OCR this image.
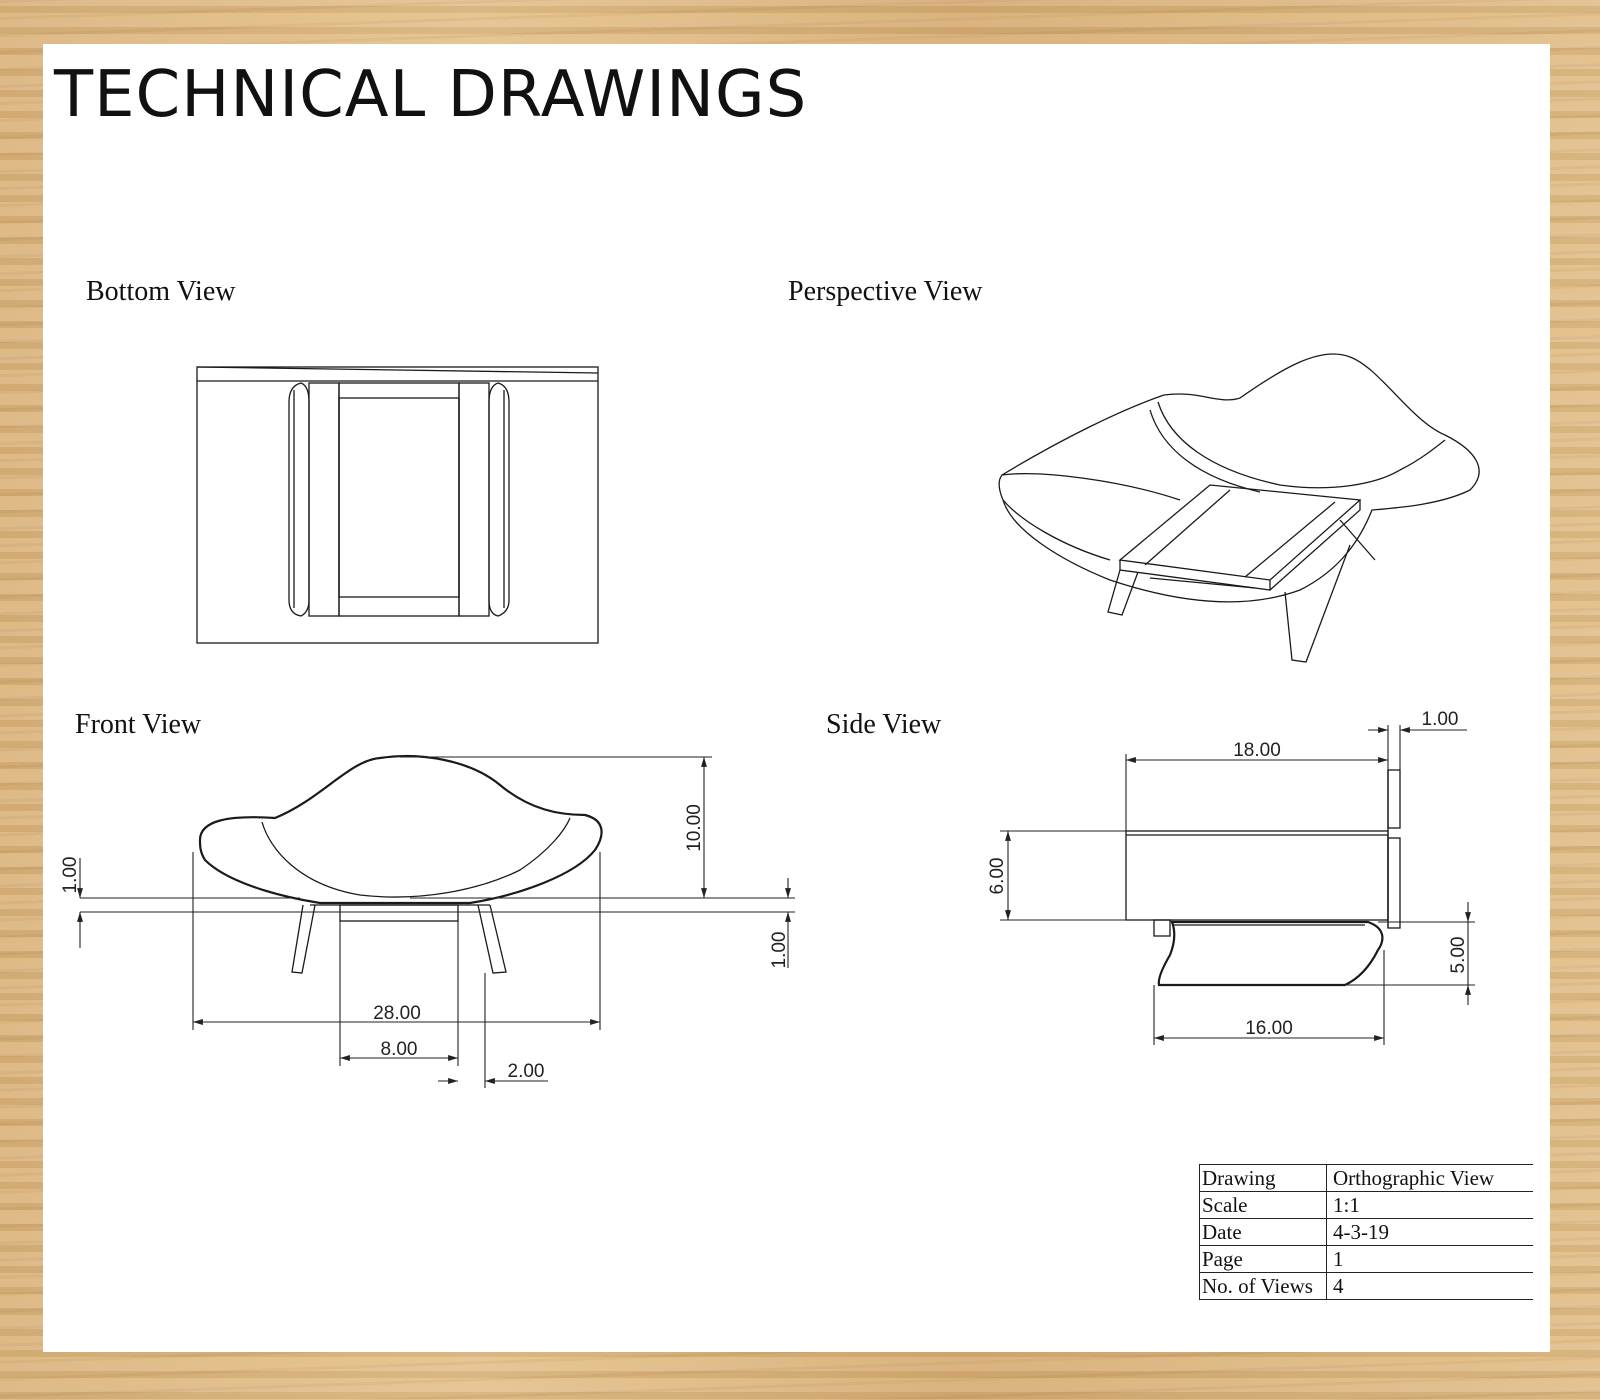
TECHNICAL DRAWINGS
Bottom View	Perspective View
Front View	Side View
28.00
8.00
2.00
10.00
1.00
1.00
18.00
1.00
6.00
5.00
16.00
Drawing	Orthographic View
Scale	1:1
Date	4-3-19
Page	1
No. of Views	4
